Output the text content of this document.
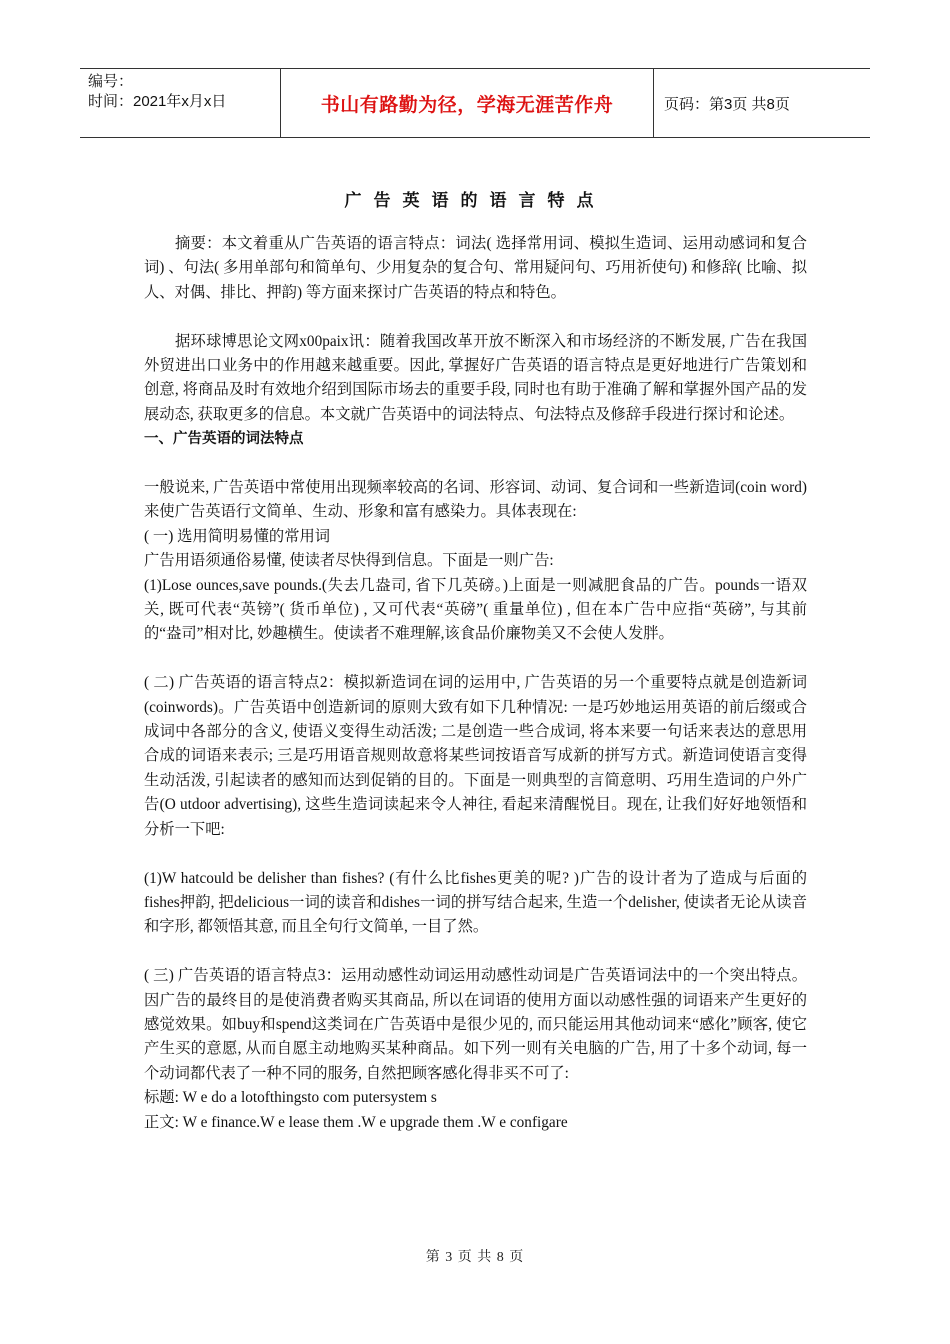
编号：
时间：2021年x月x日	书山有路勤为径，学海无涯苦作舟	页码：第3页 共8页
广告英语的语言特点

摘要：本文着重从广告英语的语言特点：词法( 选择常用词、模拟生造词、运用动感词和复合词) 、句法( 多用单部句和简单句、少用复杂的复合句、常用疑问句、巧用祈使句) 和修辞( 比喻、拟人、对偶、排比、押韵) 等方面来探讨广告英语的特点和特色。

据环球博思论文网x00paix讯：随着我国改革开放不断深入和市场经济的不断发展, 广告在我国外贸进出口业务中的作用越来越重要。因此, 掌握好广告英语的语言特点是更好地进行广告策划和创意, 将商品及时有效地介绍到国际市场去的重要手段, 同时也有助于准确了解和掌握外国产品的发展动态, 获取更多的信息。本文就广告英语中的词法特点、句法特点及修辞手段进行探讨和论述。

一、广告英语的词法特点

一般说来, 广告英语中常使用出现频率较高的名词、形容词、动词、复合词和一些新造词(coin word)来使广告英语行文简单、生动、形象和富有感染力。具体表现在:

( 一) 选用简明易懂的常用词

广告用语须通俗易懂, 使读者尽快得到信息。下面是一则广告:

(1)Lose ounces,save pounds.(失去几盎司, 省下几英磅。)上面是一则减肥食品的广告。pounds一语双关, 既可代表“英镑”( 货币单位) , 又可代表“英磅”( 重量单位) , 但在本广告中应指“英磅”, 与其前的“盎司”相对比, 妙趣横生。使读者不难理解,该食品价廉物美又不会使人发胖。

( 二) 广告英语的语言特点2：模拟新造词在词的运用中, 广告英语的另一个重要特点就是创造新词(coinwords)。广告英语中创造新词的原则大致有如下几种情况: 一是巧妙地运用英语的前后缀或合成词中各部分的含义, 使语义变得生动活泼; 二是创造一些合成词, 将本来要一句话来表达的意思用合成的词语来表示; 三是巧用语音规则故意将某些词按语音写成新的拼写方式。新造词使语言变得生动活泼, 引起读者的感知而达到促销的目的。下面是一则典型的言简意明、巧用生造词的户外广告(O utdoor advertising), 这些生造词读起来令人神往, 看起来清醒悦目。现在, 让我们好好地领悟和分析一下吧:

(1)W hatcould be delisher than fishes? (有什么比fishes更美的呢? )广告的设计者为了造成与后面的fishes押韵, 把delicious一词的读音和dishes一词的拼写结合起来, 生造一个delisher, 使读者无论从读音和字形, 都领悟其意, 而且全句行文简单, 一目了然。

( 三) 广告英语的语言特点3：运用动感性动词运用动感性动词是广告英语词法中的一个突出特点。因广告的最终目的是使消费者购买其商品, 所以在词语的使用方面以动感性强的词语来产生更好的感觉效果。如buy和spend这类词在广告英语中是很少见的, 而只能运用其他动词来“感化”顾客, 使它产生买的意愿, 从而自愿主动地购买某种商品。如下列一则有关电脑的广告, 用了十多个动词, 每一个动词都代表了一种不同的服务, 自然把顾客感化得非买不可了:

标题: W e do a lotofthingsto com putersystem s

正文: W e finance.W e lease them .W e upgrade them .W e configare

第 3 页 共 8 页
